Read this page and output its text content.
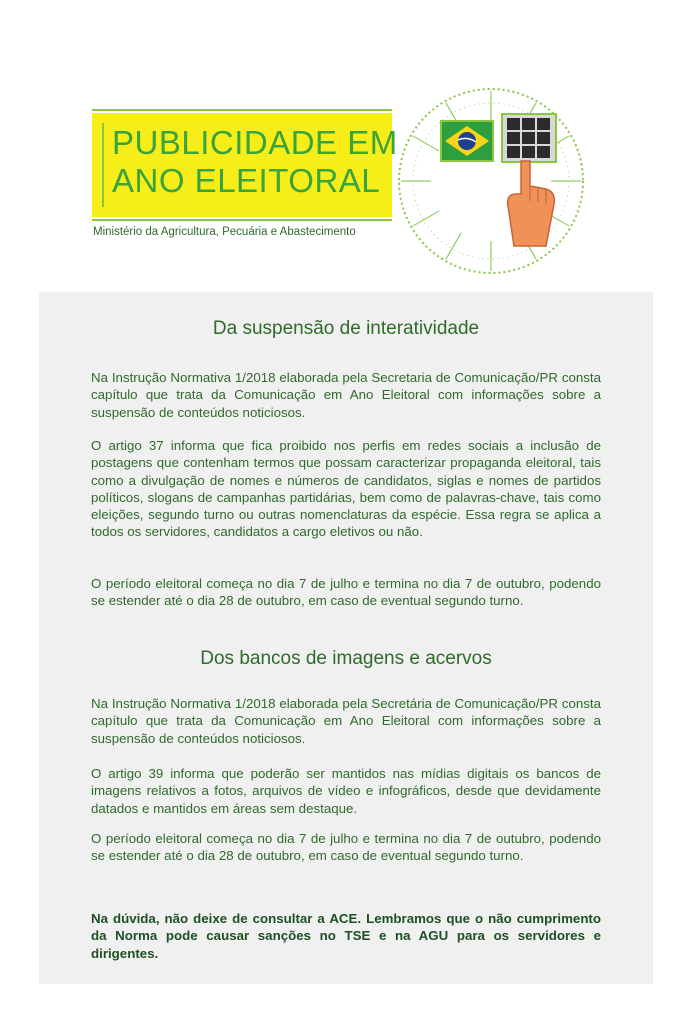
PUBLICIDADE EM
ANO ELEITORAL
Ministério da Agricultura, Pecuária e Abastecimento
Da suspensão de interatividade
Na Instrução Normativa 1/2018 elaborada pela Secretaria de Comunicação/PR consta capítulo que trata da Comunicação em Ano Eleitoral com informações sobre a suspensão de conteúdos noticiosos.
O artigo 37 informa que fica proibido nos perfis em redes sociais a inclusão de postagens que contenham termos que possam caracterizar propaganda eleitoral, tais como a divulgação de nomes e números de candidatos, siglas e nomes de partidos políticos, slogans de campanhas partidárias, bem como de palavras-chave, tais como eleições, segundo turno ou outras nomenclaturas da espécie. Essa regra se aplica a todos os servidores, candidatos a cargo eletivos ou não.
O período eleitoral começa no dia 7 de julho e termina no dia 7 de outubro, podendo se estender até o dia 28 de outubro, em caso de eventual segundo turno.
Dos bancos de imagens e acervos
Na Instrução Normativa 1/2018 elaborada pela Secretária de Comunicação/PR consta capítulo que trata da Comunicação em Ano Eleitoral com informações sobre a suspensão de conteúdos noticiosos.
O artigo 39 informa que poderão ser mantidos nas mídias digitais os bancos de imagens relativos a fotos, arquivos de vídeo e infográficos, desde que devidamente datados e mantidos em áreas sem destaque.
O período eleitoral começa no dia 7 de julho e termina no dia 7 de outubro, podendo se estender até o dia 28 de outubro, em caso de eventual segundo turno.
Na dúvida, não deixe de consultar a ACE. Lembramos que o não cumprimento da Norma pode causar sanções no TSE e na AGU para os servidores e dirigentes.
